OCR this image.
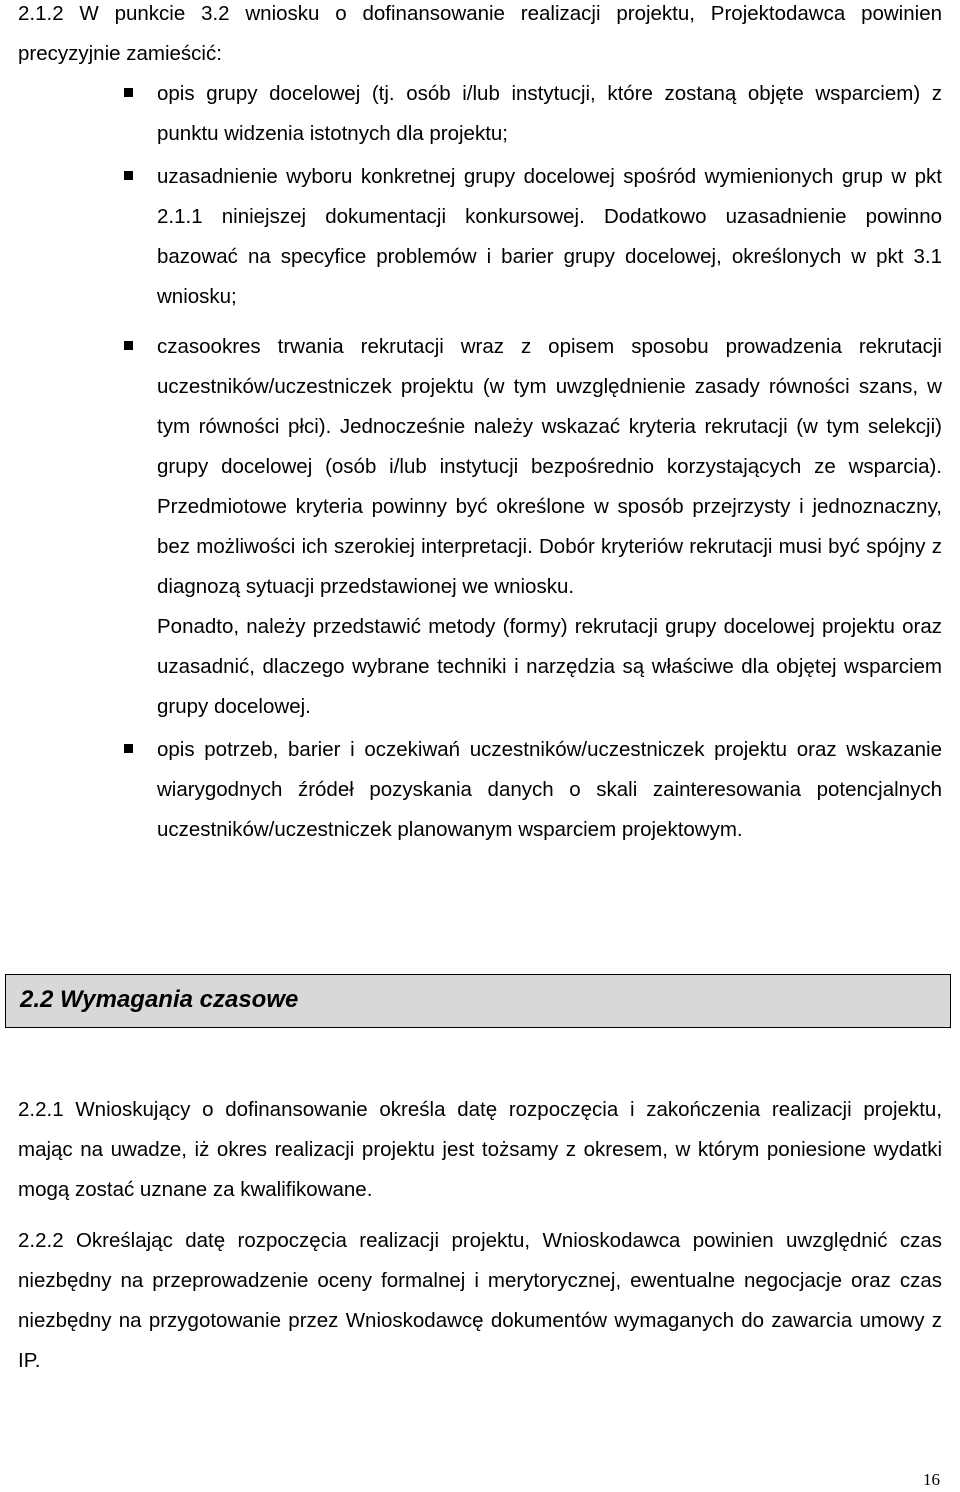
2.1.2 W punkcie 3.2 wniosku o dofinansowanie realizacji projektu, Projektodawca powinien precyzyjnie zamieścić:

opis grupy docelowej (tj. osób i/lub instytucji, które zostaną objęte wsparciem) z punktu widzenia istotnych dla projektu;

uzasadnienie wyboru konkretnej grupy docelowej spośród wymienionych grup w pkt 2.1.1 niniejszej dokumentacji konkursowej. Dodatkowo uzasadnienie powinno bazować na specyfice problemów i barier grupy docelowej, określonych w pkt 3.1 wniosku;

czasookres trwania rekrutacji wraz z opisem sposobu prowadzenia rekrutacji uczestników/uczestniczek projektu (w tym uwzględnienie zasady równości szans, w tym równości płci). Jednocześnie należy wskazać kryteria rekrutacji (w tym selekcji) grupy docelowej (osób i/lub instytucji bezpośrednio korzystających ze wsparcia). Przedmiotowe kryteria powinny być określone w sposób przejrzysty i jednoznaczny, bez możliwości ich szerokiej interpretacji. Dobór kryteriów rekrutacji musi być spójny z diagnozą sytuacji przedstawionej we wniosku.

Ponadto, należy przedstawić metody (formy) rekrutacji grupy docelowej projektu oraz uzasadnić, dlaczego wybrane techniki i narzędzia są właściwe dla objętej wsparciem grupy docelowej.

opis potrzeb, barier i oczekiwań uczestników/uczestniczek projektu oraz wskazanie wiarygodnych źródeł pozyskania danych o skali zainteresowania potencjalnych uczestników/uczestniczek planowanym wsparciem projektowym.

2.2 Wymagania czasowe

2.2.1 Wnioskujący o dofinansowanie określa datę rozpoczęcia i zakończenia realizacji projektu, mając na uwadze, iż okres realizacji projektu jest tożsamy z okresem, w którym poniesione wydatki mogą zostać uznane za kwalifikowane.

2.2.2 Określając datę rozpoczęcia realizacji projektu, Wnioskodawca powinien uwzględnić czas niezbędny na przeprowadzenie oceny formalnej i merytorycznej, ewentualne negocjacje oraz czas niezbędny na przygotowanie przez Wnioskodawcę dokumentów wymaganych do zawarcia umowy z IP.

16
